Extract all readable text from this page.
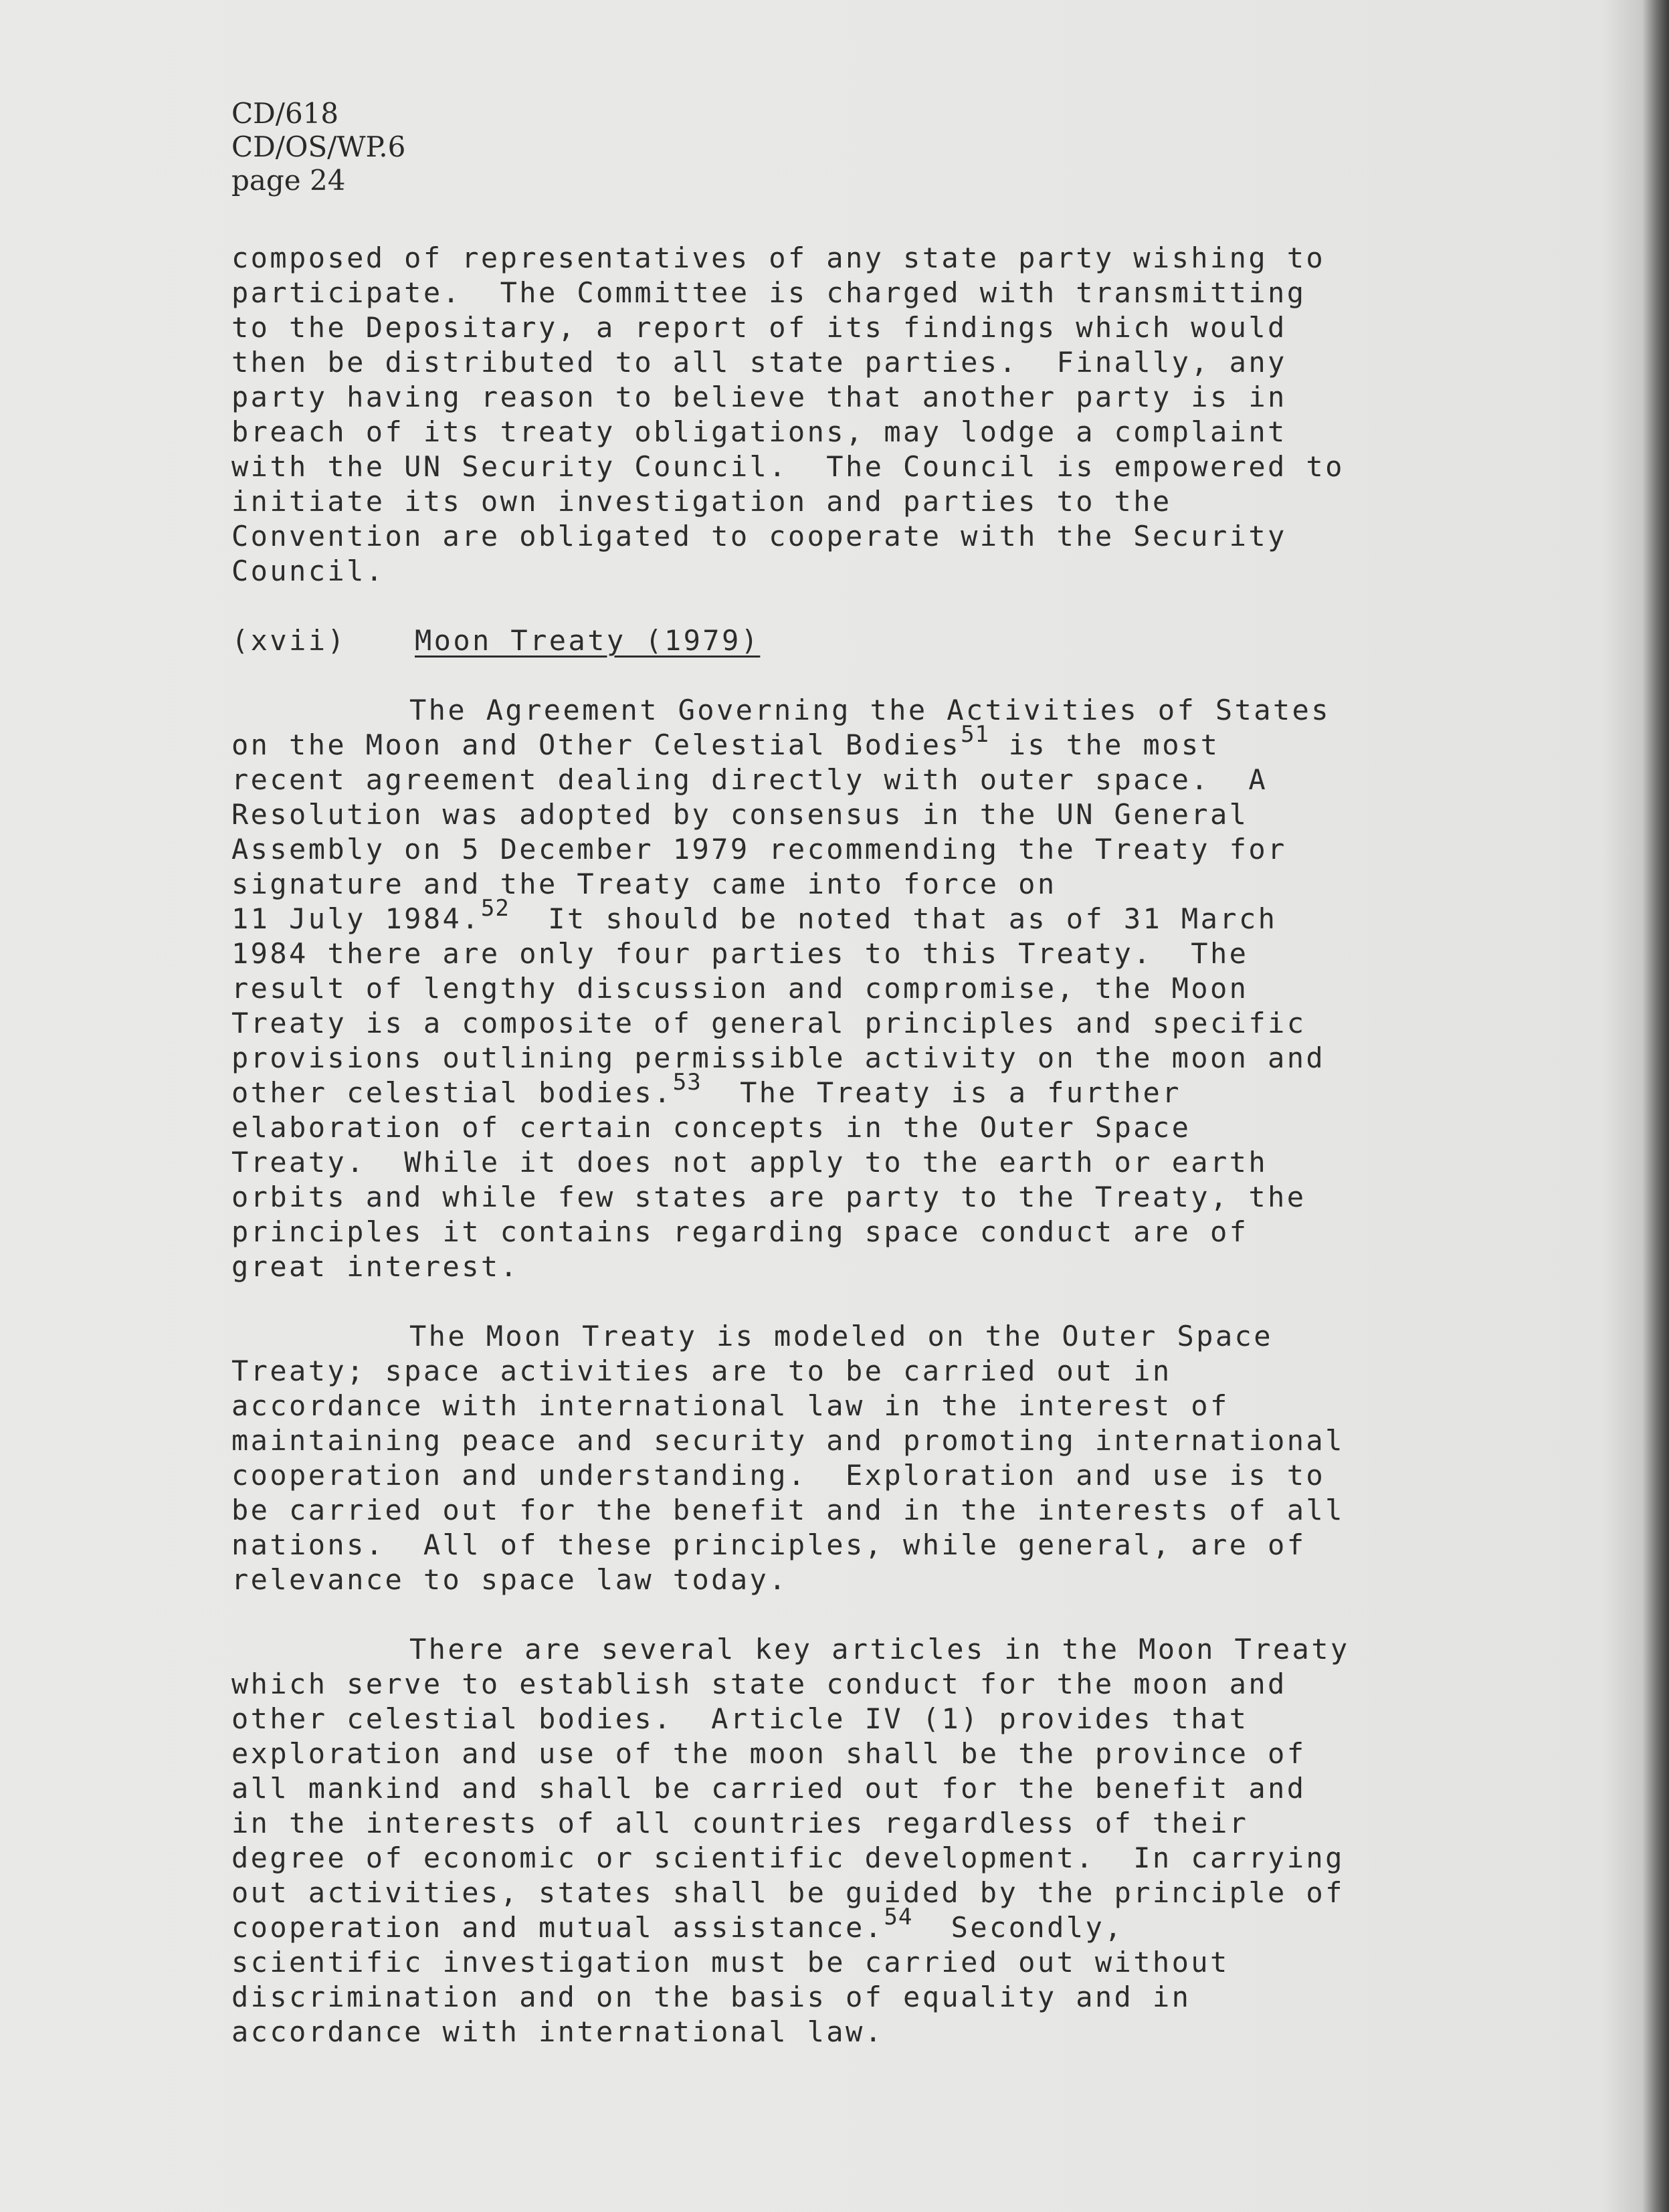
CD/618
CD/OS/WP.6
page 24
composed of representatives of any state party wishing to
participate.  The Committee is charged with transmitting
to the Depositary, a report of its findings which would
then be distributed to all state parties.  Finally, any
party having reason to believe that another party is in
breach of its treaty obligations, may lodge a complaint
with the UN Security Council.  The Council is empowered to
initiate its own investigation and parties to the
Convention are obligated to cooperate with the Security
Council.
(xvii) Moon Treaty (1979)
The Agreement Governing the Activities of States
on the Moon and Other Celestial Bodies$^{51}$ is the most
recent agreement dealing directly with outer space.  A
Resolution was adopted by consensus in the UN General
Assembly on 5 December 1979 recommending the Treaty for
signature and the Treaty came into force on
11 July 1984.52  It should be noted that as of 31 March
1984 there are only four parties to this Treaty.  The
result of lengthy discussion and compromise, the Moon
Treaty is a composite of general principles and specific
provisions outlining permissible activity on the moon and
other celestial bodies.$^{53}$  The Treaty is a further
elaboration of certain concepts in the Outer Space
Treaty.  While it does not apply to the earth or earth
orbits and while few states are party to the Treaty, the
principles it contains regarding space conduct are of
great interest.
The Moon Treaty is modeled on the Outer Space
Treaty; space activities are to be carried out in
accordance with international law in the interest of
maintaining peace and security and promoting international
cooperation and understanding.  Exploration and use is to
be carried out for the benefit and in the interests of all
nations.  All of these principles, while general, are of
relevance to space law today.
There are several key articles in the Moon Treaty
which serve to establish state conduct for the moon and
other celestial bodies.  Article IV (1) provides that
exploration and use of the moon shall be the province of
all mankind and shall be carried out for the benefit and
in the interests of all countries regardless of their
degree of economic or scientific development.  In carrying
out activities, states shall be guided by the principle of
cooperation and mutual assistance.$^{54}$  Secondly,
scientific investigation must be carried out without
discrimination and on the basis of equality and in
accordance with international law.
